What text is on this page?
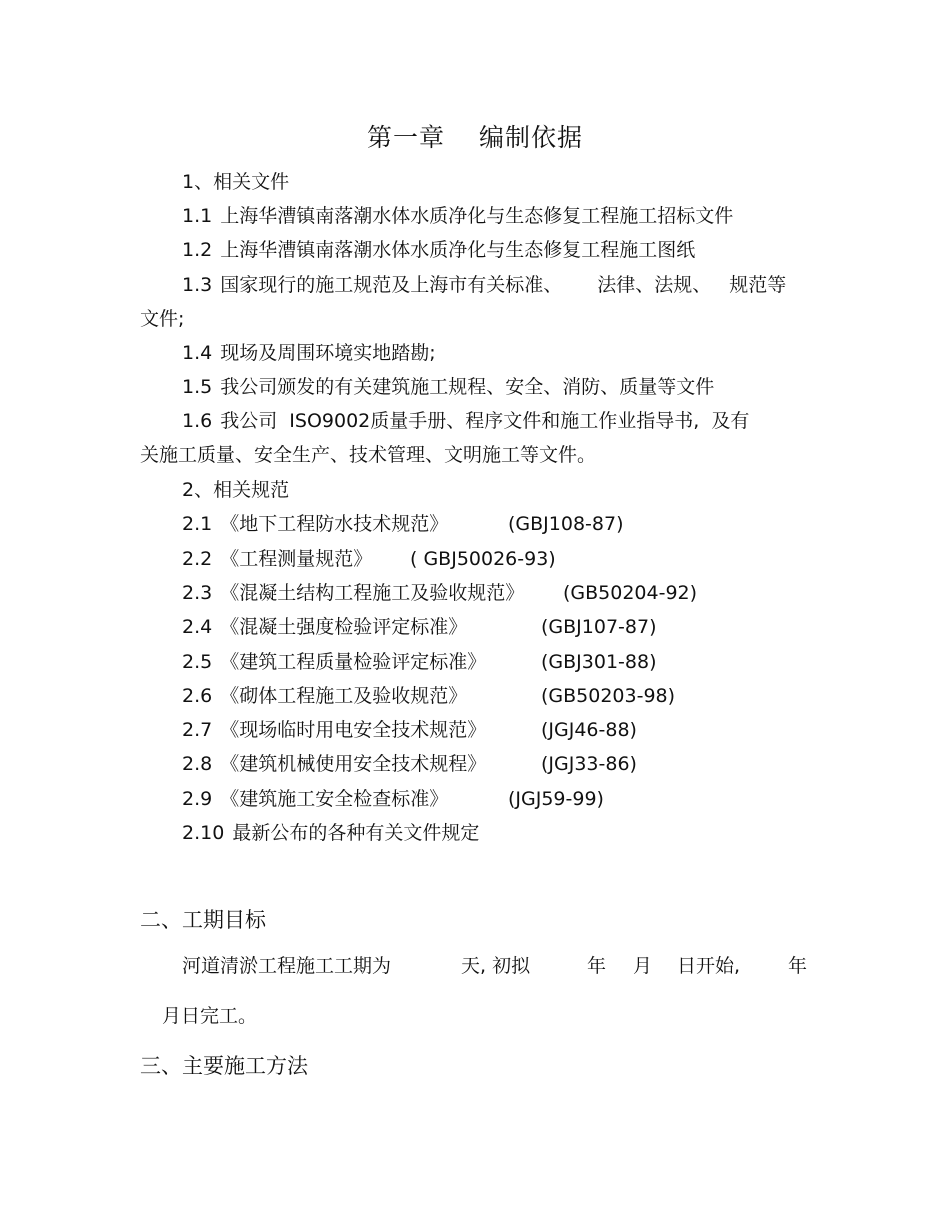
第一章 编制依据
1、相关文件
1.1 上海华漕镇南落潮水体水质净化与生态修复工程施工招标文件
1.2 上海华漕镇南落潮水体水质净化与生态修复工程施工图纸
1.3 国家现行的施工规范及上海市有关标准、 法律、法规、 规范等
文件;
1.4 现场及周围环境实地踏勘;
1.5 我公司颁发的有关建筑施工规程、安全、消防、质量等文件
1.6 我公司  ISO9002质量手册、程序文件和施工作业指导书,  及有
关施工质量、安全生产、技术管理、文明施工等文件。
2、相关规范
2.1 《地下工程防水技术规范》	(GBJ108-87)
2.2 《工程测量规范》 ( GBJ50026-93)
2.3 《混凝土结构工程施工及验收规范》 (GB50204-92)
2.4 《混凝土强度检验评定标准》	(GBJ107-87)
2.5 《建筑工程质量检验评定标准》	(GBJ301-88)
2.6 《砌体工程施工及验收规范》	(GB50203-98)
2.7 《现场临时用电安全技术规范》	(JGJ46-88)
2.8 《建筑机械使用安全技术规程》	(JGJ33-86)
2.9 《建筑施工安全检查标准》	(JGJ59-99)
2.10 最新公布的各种有关文件规定
二、工期目标
河道清淤工程施工工期为	天, 初拟	年 月 日开始,	年
月日完工。
三、主要施工方法
